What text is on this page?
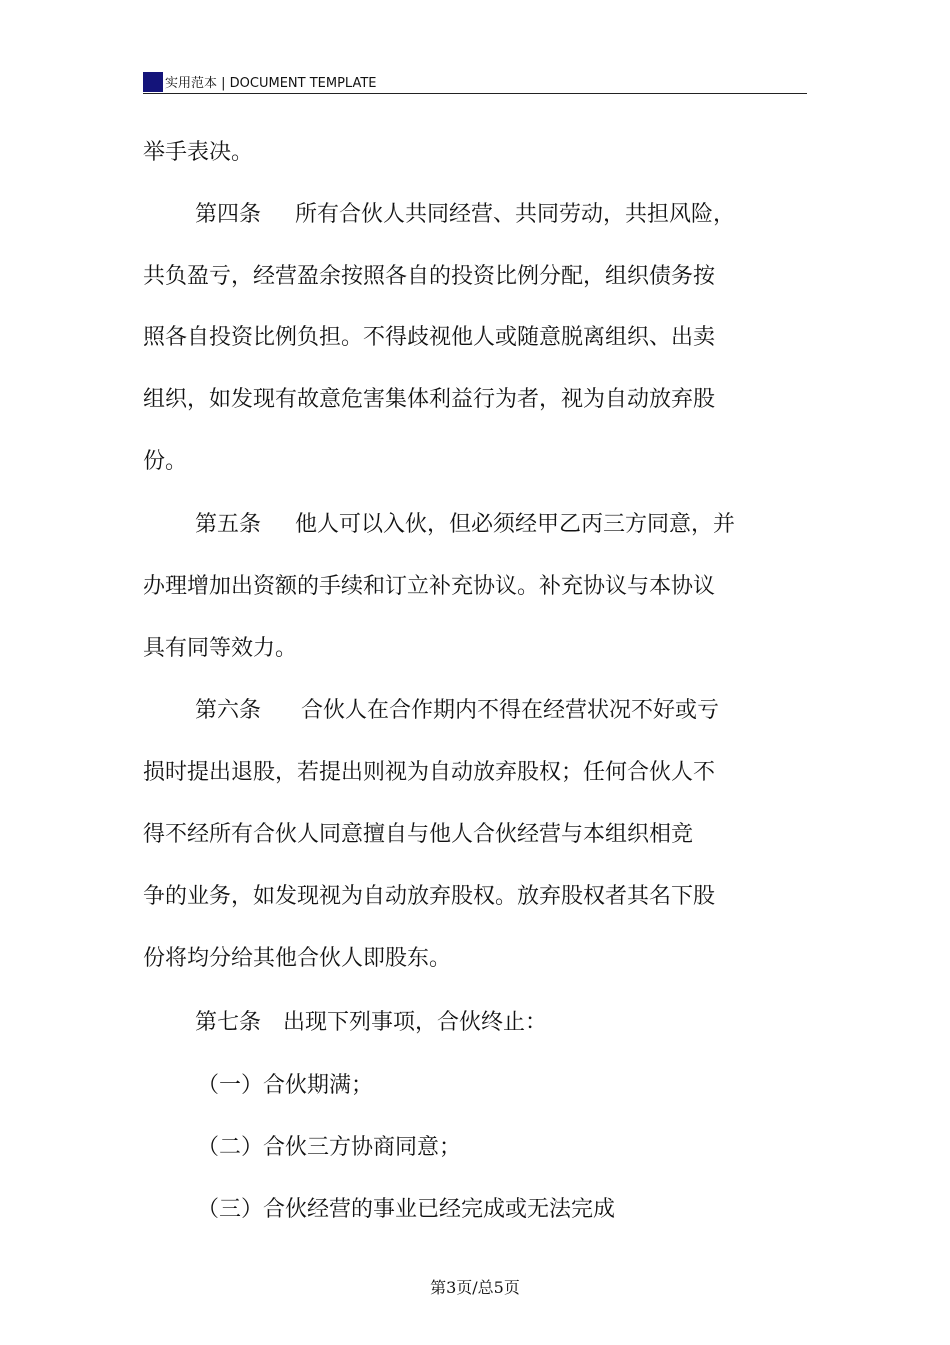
实用范本 | DOCUMENT TEMPLATE
举手表决。
第四条 所有合伙人共同经营、共同劳动，共担风险，
共负盈亏，经营盈余按照各自的投资比例分配，组织债务按
照各自投资比例负担。不得歧视他人或随意脱离组织、出卖
组织，如发现有故意危害集体利益行为者，视为自动放弃股
份。
第五条 他人可以入伙，但必须经甲乙丙三方同意，并
办理增加出资额的手续和订立补充协议。补充协议与本协议
具有同等效力。
第六条 合伙人在合作期内不得在经营状况不好或亏
损时提出退股，若提出则视为自动放弃股权；任何合伙人不
得不经所有合伙人同意擅自与他人合伙经营与本组织相竞
争的业务，如发现视为自动放弃股权。放弃股权者其名下股
份将均分给其他合伙人即股东。
第七条 出现下列事项，合伙终止：
（一）合伙期满；
（二）合伙三方协商同意；
（三）合伙经营的事业已经完成或无法完成
第3页/总5页
